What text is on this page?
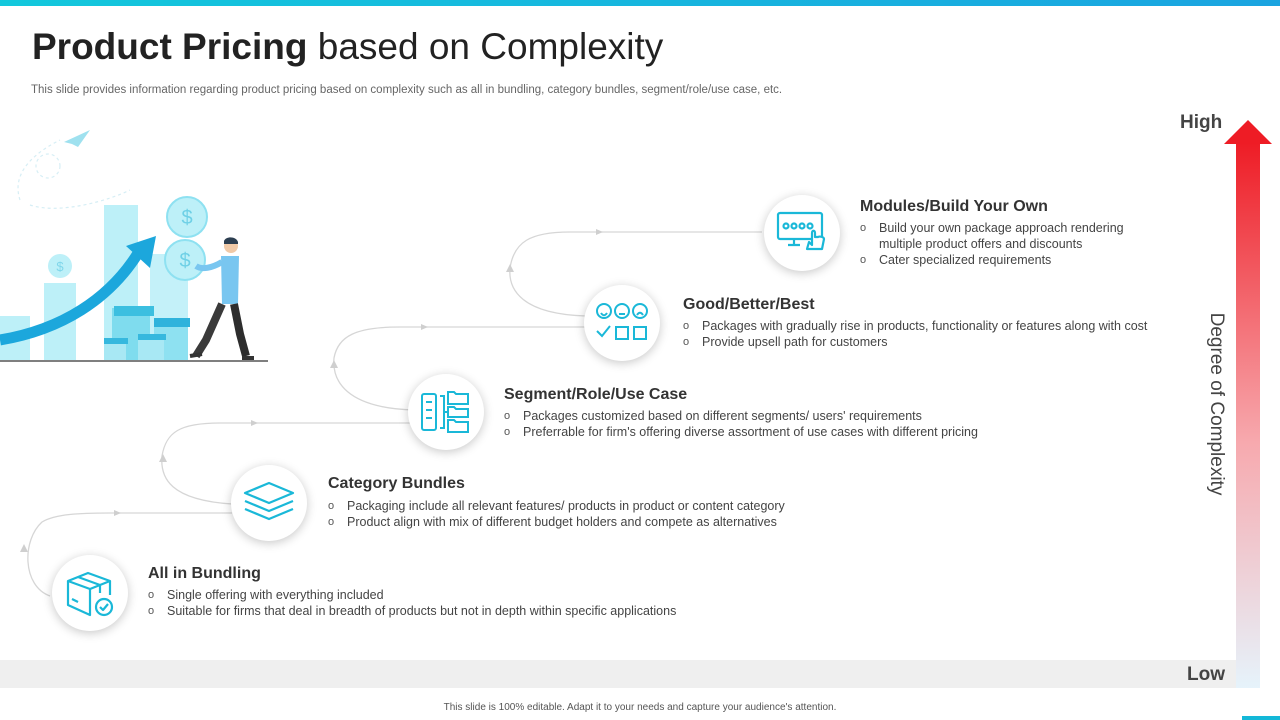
Product Pricing based on Complexity

This slide provides information regarding product pricing based on complexity such as all in bundling, category bundles, segment/role/use case, etc.

$
$
$
All in Bundling
o Single offering with everything included
o Suitable for firms that deal in breadth of products but not in depth within specific applications
Category Bundles
o Packaging include all relevant features/ products in product or content category
o Product align with mix of different budget holders and compete as alternatives
Segment/Role/Use Case
o Packages customized based on different segments/ users' requirements
o Preferrable for firm's offering diverse assortment of use cases with different pricing
Good/Better/Best
o Packages with gradually rise in products, functionality or features along with cost
o Provide upsell path for customers
Modules/Build Your Own
o Build your own package approach rendering
multiple product offers and discounts
o Cater specialized requirements
High
Low
Degree of Complexity
This slide is 100% editable. Adapt it to your needs and capture your audience's attention.
